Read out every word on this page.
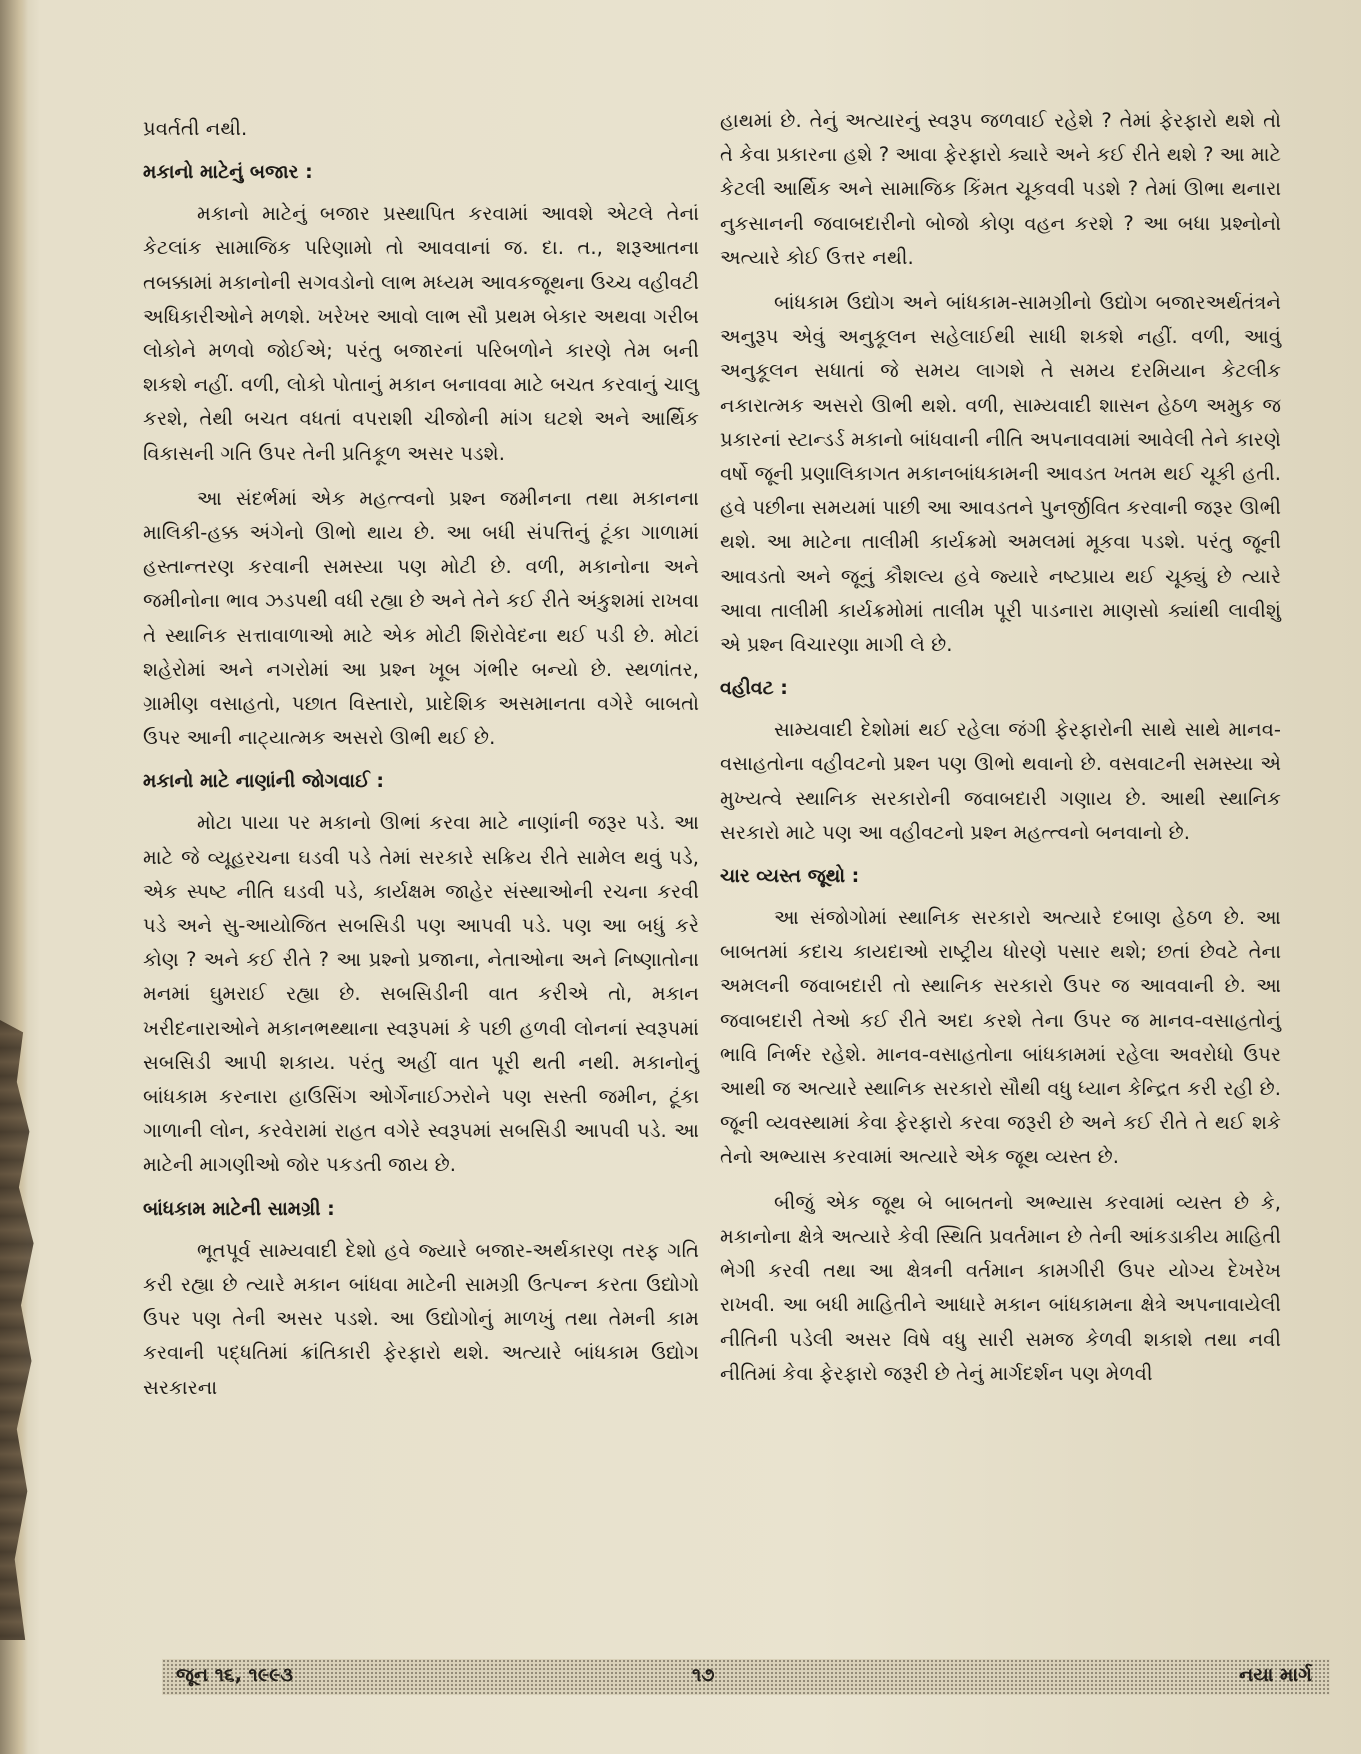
પ્રવર્તતી નથી.

મકાનો માટેનું બજાર :

મકાનો માટેનું બજાર પ્રસ્થાપિત કરવામાં આવશે એટલે તેનાં કેટલાંક સામાજિક પરિણામો તો આવવાનાં જ. દા. ત., શરૂઆતના તબક્કામાં મકાનોની સગવડોનો લાભ મધ્યમ આવકજૂથના ઉચ્ચ વહીવટી અધિકારીઓને મળશે. ખરેખર આવો લાભ સૌ પ્રથમ બેકાર અથવા ગરીબ લોકોને મળવો જોઈએ; પરંતુ બજારનાં પરિબળોને કારણે તેમ બની શકશે નહીં. વળી, લોકો પોતાનું મકાન બનાવવા માટે બચત કરવાનું ચાલુ કરશે, તેથી બચત વધતાં વપરાશી ચીજોની માંગ ઘટશે અને આર્થિક વિકાસની ગતિ ઉપર તેની પ્રતિકૂળ અસર પડશે.

આ સંદર્ભમાં એક મહત્ત્વનો પ્રશ્ન જમીનના તથા મકાનના માલિકી-હક્ક અંગેનો ઊભો થાય છે. આ બધી સંપત્તિનું ટૂંકા ગાળામાં હસ્તાન્તરણ કરવાની સમસ્યા પણ મોટી છે. વળી, મકાનોના અને જમીનોના ભાવ ઝડપથી વધી રહ્યા છે અને તેને કઈ રીતે અંકુશમાં રાખવા તે સ્થાનિક સત્તાવાળાઓ માટે એક મોટી શિરોવેદના થઈ પડી છે. મોટાં શહેરોમાં અને નગરોમાં આ પ્રશ્ન ખૂબ ગંભીર બન્યો છે. સ્થળાંતર, ગ્રામીણ વસાહતો, પછાત વિસ્તારો, પ્રાદેશિક અસમાનતા વગેરે બાબતો ઉપર આની નાટ્યાત્મક અસરો ઊભી થઈ છે.

મકાનો માટે નાણાંની જોગવાઈ :

મોટા પાયા પર મકાનો ઊભાં કરવા માટે નાણાંની જરૂર પડે. આ માટે જે વ્યૂહરચના ઘડવી પડે તેમાં સરકારે સક્રિય રીતે સામેલ થવું પડે, એક સ્પષ્ટ નીતિ ઘડવી પડે, કાર્યક્ષમ જાહેર સંસ્થાઓની રચના કરવી પડે અને સુ-આયોજિત સબસિડી પણ આપવી પડે. પણ આ બધું કરે કોણ ? અને કઈ રીતે ? આ પ્રશ્નો પ્રજાના, નેતાઓના અને નિષ્ણાતોના મનમાં ઘુમરાઈ રહ્યા છે. સબસિડીની વાત કરીએ તો, મકાન ખરીદનારાઓને મકાનભથ્થાના સ્વરૂપમાં કે પછી હળવી લોનનાં સ્વરૂપમાં સબસિડી આપી શકાય. પરંતુ અહીં વાત પૂરી થતી નથી. મકાનોનું બાંધકામ કરનારા હાઉસિંગ ઓર્ગેનાઈઝરોને પણ સસ્તી જમીન, ટૂંકા ગાળાની લોન, કરવેરામાં રાહત વગેરે સ્વરૂપમાં સબસિડી આપવી પડે. આ માટેની માગણીઓ જોર પકડતી જાય છે.

બાંધકામ માટેની સામગ્રી :

ભૂતપૂર્વ સામ્યવાદી દેશો હવે જ્યારે બજાર-અર્થકારણ તરફ ગતિ કરી રહ્યા છે ત્યારે મકાન બાંધવા માટેની સામગ્રી ઉત્પન્ન કરતા ઉદ્યોગો ઉપર પણ તેની અસર પડશે. આ ઉદ્યોગોનું માળખું તથા તેમની કામ કરવાની પદ્ધતિમાં ક્રાંતિકારી ફેરફારો થશે. અત્યારે બાંધકામ ઉદ્યોગ સરકારના

હાથમાં છે. તેનું અત્યારનું સ્વરૂપ જળવાઈ રહેશે ? તેમાં ફેરફારો થશે તો તે કેવા પ્રકારના હશે ? આવા ફેરફારો ક્યારે અને કઈ રીતે થશે ? આ માટે કેટલી આર્થિક અને સામાજિક કિંમત ચૂકવવી પડશે ? તેમાં ઊભા થનારા નુકસાનની જવાબદારીનો બોજો કોણ વહન કરશે ? આ બધા પ્રશ્નોનો અત્યારે કોઈ ઉત્તર નથી.

બાંધકામ ઉદ્યોગ અને બાંધકામ-સામગ્રીનો ઉદ્યોગ બજારઅર્થતંત્રને અનુરૂપ એવું અનુકૂલન સહેલાઈથી સાધી શકશે નહીં. વળી, આવું અનુકૂલન સધાતાં જે સમય લાગશે તે સમય દરમિયાન કેટલીક નકારાત્મક અસરો ઊભી થશે. વળી, સામ્યવાદી શાસન હેઠળ અમુક જ પ્રકારનાં સ્ટાન્ડર્ડ મકાનો બાંધવાની નીતિ અપનાવવામાં આવેલી તેને કારણે વર્ષો જૂની પ્રણાલિકાગત મકાનબાંધકામની આવડત ખતમ થઈ ચૂકી હતી. હવે પછીના સમયમાં પાછી આ આવડતને પુનર્જીવિત કરવાની જરૂર ઊભી થશે. આ માટેના તાલીમી કાર્યક્રમો અમલમાં મૂકવા પડશે. પરંતુ જૂની આવડતો અને જૂનું કૌશલ્ય હવે જ્યારે નષ્ટપ્રાય થઈ ચૂક્યું છે ત્યારે આવા તાલીમી કાર્યક્રમોમાં તાલીમ પૂરી પાડનારા માણસો ક્યાંથી લાવીશું એ પ્રશ્ન વિચારણા માગી લે છે.

વહીવટ :

સામ્યવાદી દેશોમાં થઈ રહેલા જંગી ફેરફારોની સાથે સાથે માનવ-વસાહતોના વહીવટનો પ્રશ્ન પણ ઊભો થવાનો છે. વસવાટની સમસ્યા એ મુખ્યત્વે સ્થાનિક સરકારોની જવાબદારી ગણાય છે. આથી સ્થાનિક સરકારો માટે પણ આ વહીવટનો પ્રશ્ન મહત્ત્વનો બનવાનો છે.

ચાર વ્યસ્ત જૂથો :

આ સંજોગોમાં સ્થાનિક સરકારો અત્યારે દબાણ હેઠળ છે. આ બાબતમાં કદાચ કાયદાઓ રાષ્ટ્રીય ધોરણે પસાર થશે; છતાં છેવટે તેના અમલની જવાબદારી તો સ્થાનિક સરકારો ઉપર જ આવવાની છે. આ જવાબદારી તેઓ કઈ રીતે અદા કરશે તેના ઉપર જ માનવ-વસાહતોનું ભાવિ નિર્ભર રહેશે. માનવ-વસાહતોના બાંધકામમાં રહેલા અવરોધો ઉપર આથી જ અત્યારે સ્થાનિક સરકારો સૌથી વધુ ધ્યાન કેન્દ્રિત કરી રહી છે. જૂની વ્યવસ્થામાં કેવા ફેરફારો કરવા જરૂરી છે અને કઈ રીતે તે થઈ શકે તેનો અભ્યાસ કરવામાં અત્યારે એક જૂથ વ્યસ્ત છે.

બીજું એક જૂથ બે બાબતનો અભ્યાસ કરવામાં વ્યસ્ત છે કે, મકાનોના ક્ષેત્રે અત્યારે કેવી સ્થિતિ પ્રવર્તમાન છે તેની આંકડાકીય માહિતી ભેગી કરવી તથા આ ક્ષેત્રની વર્તમાન કામગીરી ઉપર યોગ્ય દેખરેખ રાખવી. આ બધી માહિતીને આધારે મકાન બાંધકામના ક્ષેત્રે અપનાવાયેલી નીતિની પડેલી અસર વિષે વધુ સારી સમજ કેળવી શકાશે તથા નવી નીતિમાં કેવા ફેરફારો જરૂરી છે તેનું માર્ગદર્શન પણ મેળવી

જૂન ૧૬, ૧૯૯૩	૧૭	નયા માર્ગ
